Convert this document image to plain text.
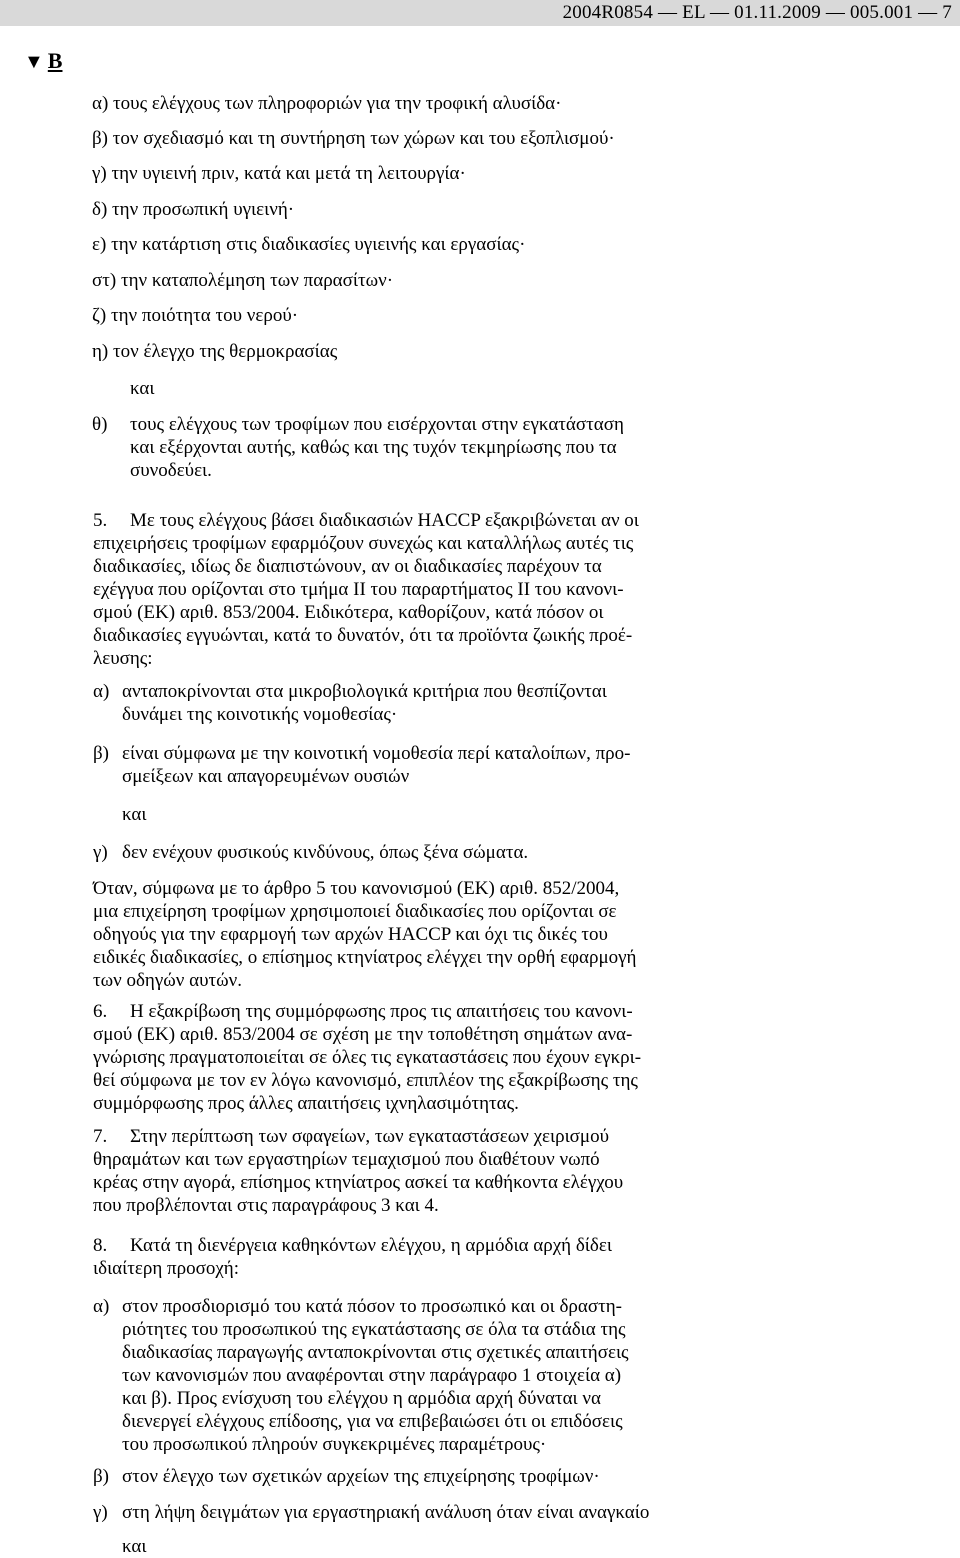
2004R0854 — EL — 01.11.2009 — 005.001 — 7
▼ B
α) τους ελέγχους των πληροφοριών για την τροφική αλυσίδα·
β) τον σχεδιασμό και τη συντήρηση των χώρων και του εξοπλισμού·
γ) την υγιεινή πριν, κατά και μετά τη λειτουργία·
δ) την προσωπική υγιεινή·
ε) την κατάρτιση στις διαδικασίες υγιεινής και εργασίας·
στ) την καταπολέμηση των παρασίτων·
ζ) την ποιότητα του νερού·
η) τον έλεγχο της θερμοκρασίας
και
θ) τους ελέγχους των τροφίμων που εισέρχονται στην εγκατάσταση
και εξέρχονται αυτής, καθώς και της τυχόν τεκμηρίωσης που τα
συνοδεύει.
5. Με τους ελέγχους βάσει διαδικασιών HACCP εξακριβώνεται αν οι
επιχειρήσεις τροφίμων εφαρμόζουν συνεχώς και καταλλήλως αυτές τις
διαδικασίες, ιδίως δε διαπιστώνουν, αν οι διαδικασίες παρέχουν τα
εχέγγυα που ορίζονται στο τμήμα II του παραρτήματος II του κανονι-
σμού (ΕΚ) αριθ. 853/2004. Ειδικότερα, καθορίζουν, κατά πόσον οι
διαδικασίες εγγυώνται, κατά το δυνατόν, ότι τα προϊόντα ζωικής προέ-
λευσης:
α) ανταποκρίνονται στα μικροβιολογικά κριτήρια που θεσπίζονται
δυνάμει της κοινοτικής νομοθεσίας·
β) είναι σύμφωνα με την κοινοτική νομοθεσία περί καταλοίπων, προ-
σμείξεων και απαγορευμένων ουσιών
και
γ) δεν ενέχουν φυσικούς κινδύνους, όπως ξένα σώματα.
Όταν, σύμφωνα με το άρθρο 5 του κανονισμού (ΕΚ) αριθ. 852/2004,
μια επιχείρηση τροφίμων χρησιμοποιεί διαδικασίες που ορίζονται σε
οδηγούς για την εφαρμογή των αρχών HACCP και όχι τις δικές του
ειδικές διαδικασίες, ο επίσημος κτηνίατρος ελέγχει την ορθή εφαρμογή
των οδηγών αυτών.
6. Η εξακρίβωση της συμμόρφωσης προς τις απαιτήσεις του κανονι-
σμού (ΕΚ) αριθ. 853/2004 σε σχέση με την τοποθέτηση σημάτων ανα-
γνώρισης πραγματοποιείται σε όλες τις εγκαταστάσεις που έχουν εγκρι-
θεί σύμφωνα με τον εν λόγω κανονισμό, επιπλέον της εξακρίβωσης της
συμμόρφωσης προς άλλες απαιτήσεις ιχνηλασιμότητας.
7. Στην περίπτωση των σφαγείων, των εγκαταστάσεων χειρισμού
θηραμάτων και των εργαστηρίων τεμαχισμού που διαθέτουν νωπό
κρέας στην αγορά, επίσημος κτηνίατρος ασκεί τα καθήκοντα ελέγχου
που προβλέπονται στις παραγράφους 3 και 4.
8. Κατά τη διενέργεια καθηκόντων ελέγχου, η αρμόδια αρχή δίδει
ιδιαίτερη προσοχή:
α) στον προσδιορισμό του κατά πόσον το προσωπικό και οι δραστη-
ριότητες του προσωπικού της εγκατάστασης σε όλα τα στάδια της
διαδικασίας παραγωγής ανταποκρίνονται στις σχετικές απαιτήσεις
των κανονισμών που αναφέρονται στην παράγραφο 1 στοιχεία α)
και β). Προς ενίσχυση του ελέγχου η αρμόδια αρχή δύναται να
διενεργεί ελέγχους επίδοσης, για να επιβεβαιώσει ότι οι επιδόσεις
του προσωπικού πληρούν συγκεκριμένες παραμέτρους·
β) στον έλεγχο των σχετικών αρχείων της επιχείρησης τροφίμων·
γ) στη λήψη δειγμάτων για εργαστηριακή ανάλυση όταν είναι αναγκαίο
και
